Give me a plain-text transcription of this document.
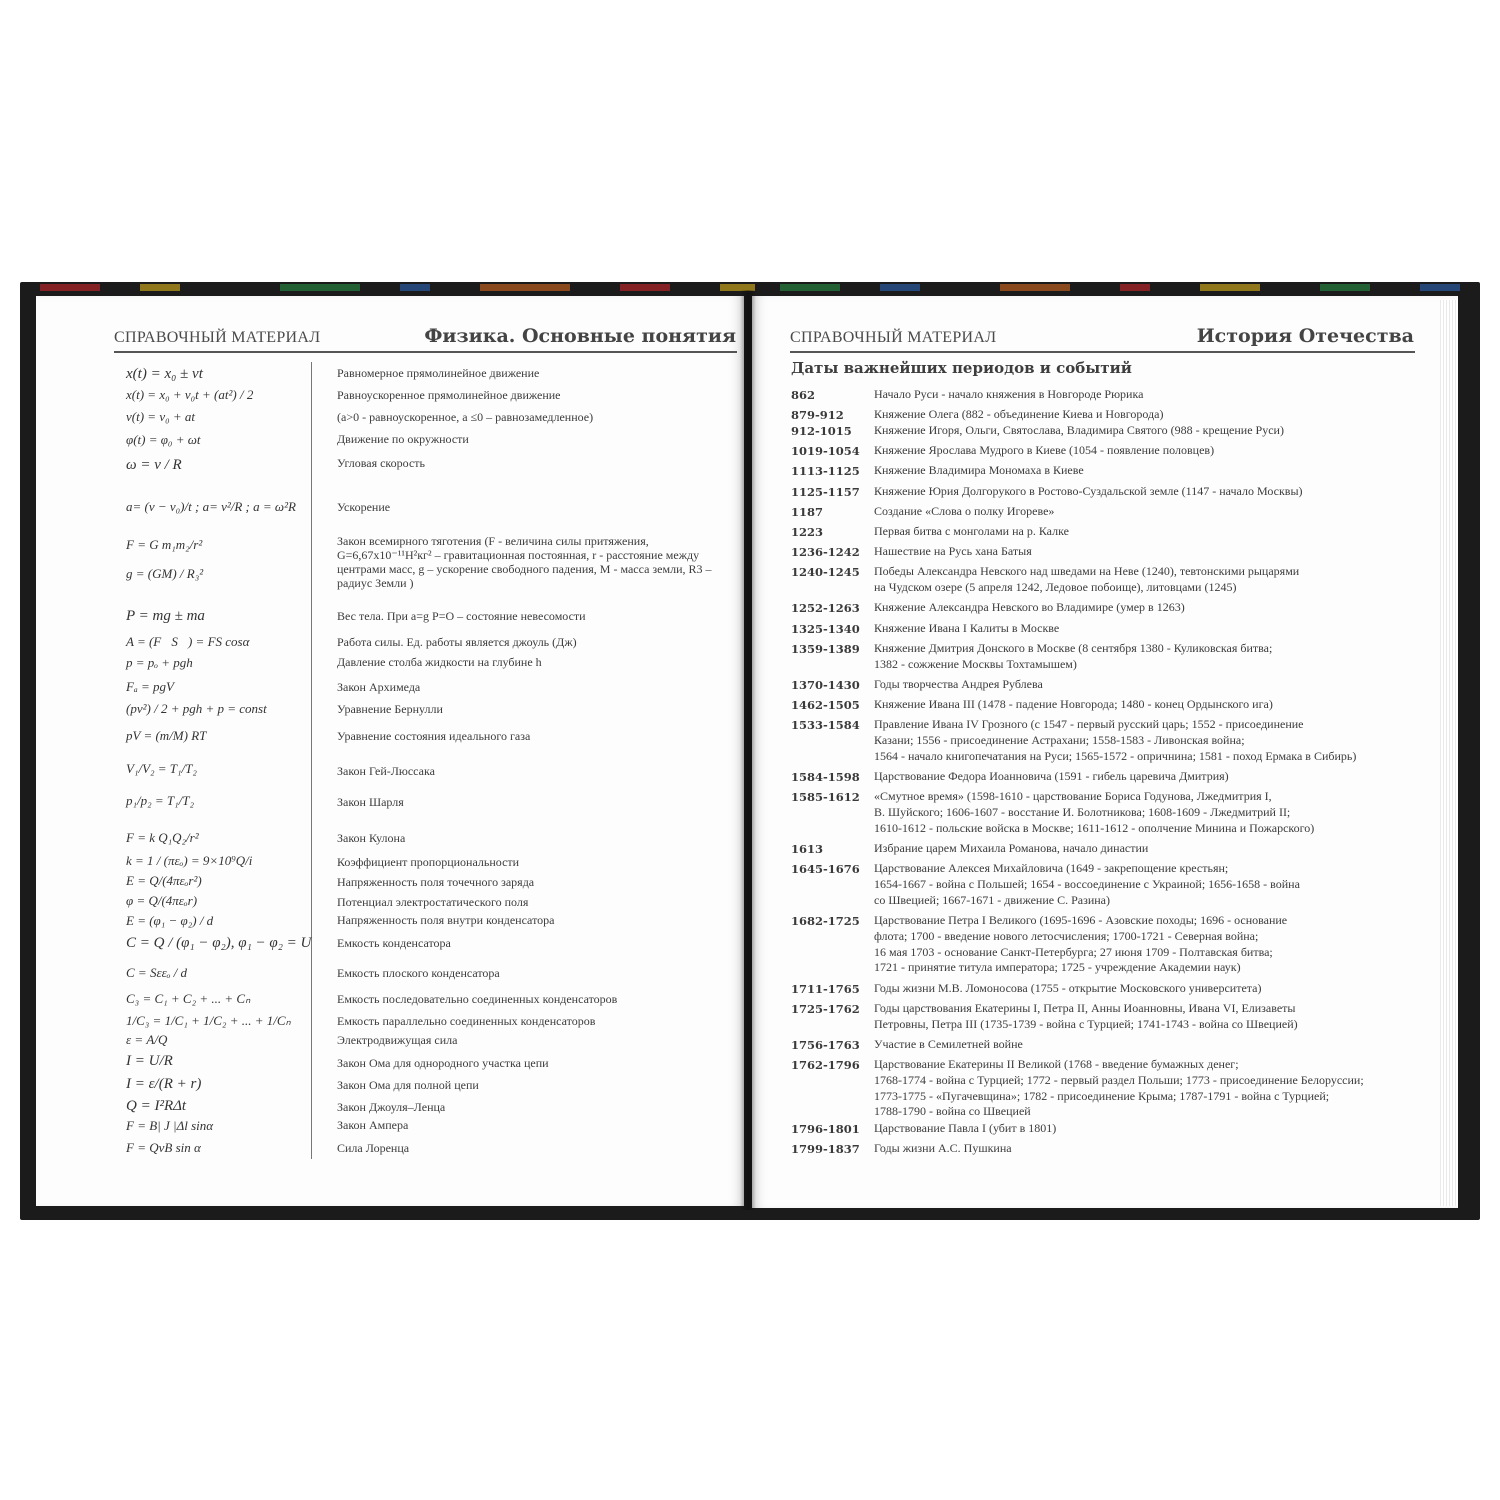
СПРАВОЧНЫЙ МАТЕРИАЛ	Физика. Основные понятия	СПРАВОЧНЫЙ МАТЕРИАЛ	История Отечества
Даты важнейших периодов и событий
x(t) = x₀ ± vt	Равномерное прямолинейное движение
x(t) = x₀ + v₀t + (at²) / 2	Равноускоренное прямолинейное движение
v(t) = v₀ + at	(a>0 - равноускоренное, a ≤0 – равнозамедленное)
φ(t) = φ₀ + ωt	Движение по окружности
ω = v / R	Угловая скорость
a= (v − v₀)/t ; a= v²/R ; a = ω²R	Ускорение
F = G m₁m₂/r²	Закон всемирного тяготения (F - величина силы притяжения, G=6,67x10⁻¹¹Н²кг² – гравитационная постоянная, r - расстояние между центрами масс, g – ускорение свободного падения, M - масса земли, R3 – радиус Земли )
g = (GM) / R₃²
P = mg ± ma	Вес тела. При a=g P=O – состояние невесомости
A = (F⃗S⃗) = FS cosα	Работа силы. Ед. работы является джоуль (Дж)
p = pₒ + pgh	Давление столба жидкости на глубине h
Fₐ = pgV	Закон Архимеда
(pv²) / 2 + pgh + p = const	Уравнение Бернулли
pV = (m/M) RT	Уравнение состояния идеального газа
V₁/V₂ = T₁/T₂	Закон Гей-Люссака
p₁/p₂ = T₁/T₂	Закон Шарля
F = k Q₁Q₂/r²	Закон Кулона
k = 1 / (πεₒ) = 9×10⁹Q/i	Коэффициент пропорциональности
E = Q/(4πεₒr²)	Напряженность поля точечного заряда
φ = Q/(4πεₒr)	Потенциал электростатического поля
E = (φ₁ − φ₂) / d	Напряженность поля внутри конденсатора
C = Q / (φ₁ − φ₂), φ₁ − φ₂ = U Емкость конденсатора
C = Sεεₒ / d	Емкость плоского конденсатора
C₃ = C₁ + C₂ + ... + Cₙ	Емкость последовательно соединенных конденсаторов
1/C₃ = 1/C₁ + 1/C₂ + ... + 1/Cₙ	Емкость параллельно соединенных конденсаторов
ε = A/Q	Электродвижущая сила
I = U/R	Закон Ома для однородного участка цепи
I = ε/(R + r)	Закон Ома для полной цепи
Q = I²RΔt	Закон Джоуля–Ленца
F = B| J |Δl sinα	Закон Ампера
F = QvB sin α	Сила Лоренца
862	Начало Руси - начало княжения в Новгороде Рюрика
879-912	Княжение Олега (882 - объединение Киева и Новгорода)
912-1015 Княжение Игоря, Ольги, Святослава, Владимира Святого (988 - крещение Руси)
1019-1054 Княжение Ярослава Мудрого в Киеве (1054 - появление половцев)
1113-1125 Княжение Владимира Мономаха в Киеве
1125-1157 Княжение Юрия Долгорукого в Ростово-Суздальской земле (1147 - начало Москвы)
1187	Создание «Слова о полку Игореве»
1223	Первая битва с монголами на р. Калке
1236-1242 Нашествие на Русь хана Батыя
1240-1245 Победы Александра Невского над шведами на Неве (1240), тевтонскими рыцарями
на Чудском озере (5 апреля 1242, Ледовое побоище), литовцами (1245)
1252-1263 Княжение Александра Невского во Владимире (умер в 1263)
1325-1340 Княжение Ивана I Калиты в Москве
1359-1389 Княжение Дмитрия Донского в Москве (8 сентября 1380 - Куликовская битва;
1382 - сожжение Москвы Тохтамышем)
1370-1430 Годы творчества Андрея Рублева
1462-1505 Княжение Ивана III (1478 - падение Новгорода; 1480 - конец Ордынского ига)
1533-1584 Правление Ивана IV Грозного (с 1547 - первый русский царь; 1552 - присоединение
Казани; 1556 - присоединение Астрахани; 1558-1583 - Ливонская война;
1564 - начало книгопечатания на Руси; 1565-1572 - опричнина; 1581 - поход Ермака в Сибирь)
1584-1598 Царствование Федора Иоанновича (1591 - гибель царевича Дмитрия)
1585-1612 «Смутное время» (1598-1610 - царствование Бориса Годунова, Лжедмитрия I,
В. Шуйского; 1606-1607 - восстание И. Болотникова; 1608-1609 - Лжедмитрий II;
1610-1612 - польские войска в Москве; 1611-1612 - ополчение Минина и Пожарского)
1613	Избрание царем Михаила Романова, начало династии
1645-1676 Царствование Алексея Михайловича (1649 - закрепощение крестьян;
1654-1667 - война с Польшей; 1654 - воссоединение с Украиной; 1656-1658 - война
со Швецией; 1667-1671 - движение С. Разина)
1682-1725 Царствование Петра I Великого (1695-1696 - Азовские походы; 1696 - основание
флота; 1700 - введение нового летосчисления; 1700-1721 - Северная война;
16 мая 1703 - основание Санкт-Петербурга; 27 июня 1709 - Полтавская битва;
1721 - принятие титула императора; 1725 - учреждение Академии наук)
1711-1765 Годы жизни М.В. Ломоносова (1755 - открытие Московского университета)
1725-1762 Годы царствования Екатерины I, Петра II, Анны Иоанновны, Ивана VI, Елизаветы
Петровны, Петра III (1735-1739 - война с Турцией; 1741-1743 - война со Швецией)
1756-1763 Участие в Семилетней войне
1762-1796 Царствование Екатерины II Великой (1768 - введение бумажных денег;
1768-1774 - война с Турцией; 1772 - первый раздел Польши; 1773 - присоединение Белоруссии;
1773-1775 - «Пугачевщина»; 1782 - присоединение Крыма; 1787-1791 - война с Турцией;
1788-1790 - война со Швецией
1796-1801 Царствование Павла I (убит в 1801)
1799-1837 Годы жизни А.С. Пушкина
